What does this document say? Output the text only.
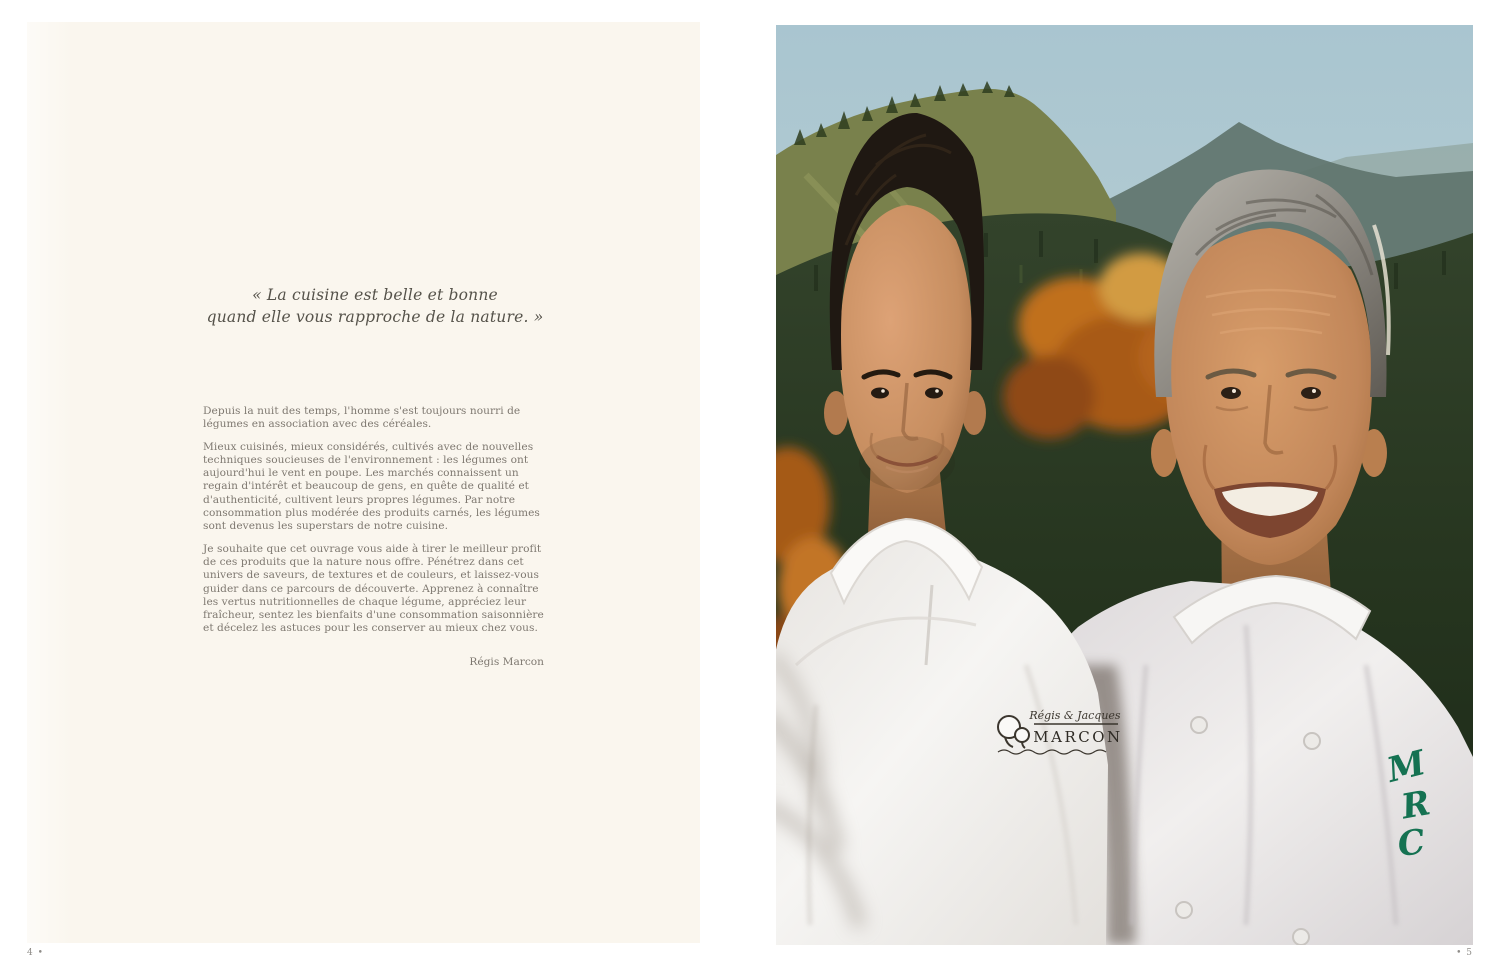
« La cuisine est belle et bonne
quand elle vous rapproche de la nature. »

Depuis la nuit des temps, l'homme s'est toujours nourri de légumes en association avec des céréales.

Mieux cuisinés, mieux considérés, cultivés avec de nouvelles techniques soucieuses de l'environnement : les légumes ont aujourd'hui le vent en poupe. Les marchés connaissent un regain d'intérêt et beaucoup de gens, en quête de qualité et d'authenticité, cultivent leurs propres légumes. Par notre consommation plus modérée des produits carnés, les légumes sont devenus les superstars de notre cuisine.

Je souhaite que cet ouvrage vous aide à tirer le meilleur profit de ces produits que la nature nous offre. Pénétrez dans cet univers de saveurs, de textures et de couleurs, et laissez-vous guider dans ce parcours de découverte. Apprenez à connaître les vertus nutritionnelles de chaque légume, appréciez leur fraîcheur, sentez les bienfaits d'une consommation saisonnière et décelez les astuces pour les conserver au mieux chez vous.

Régis Marcon
4 •	• 5
M
R
C
Régis & Jacques
MARCON
